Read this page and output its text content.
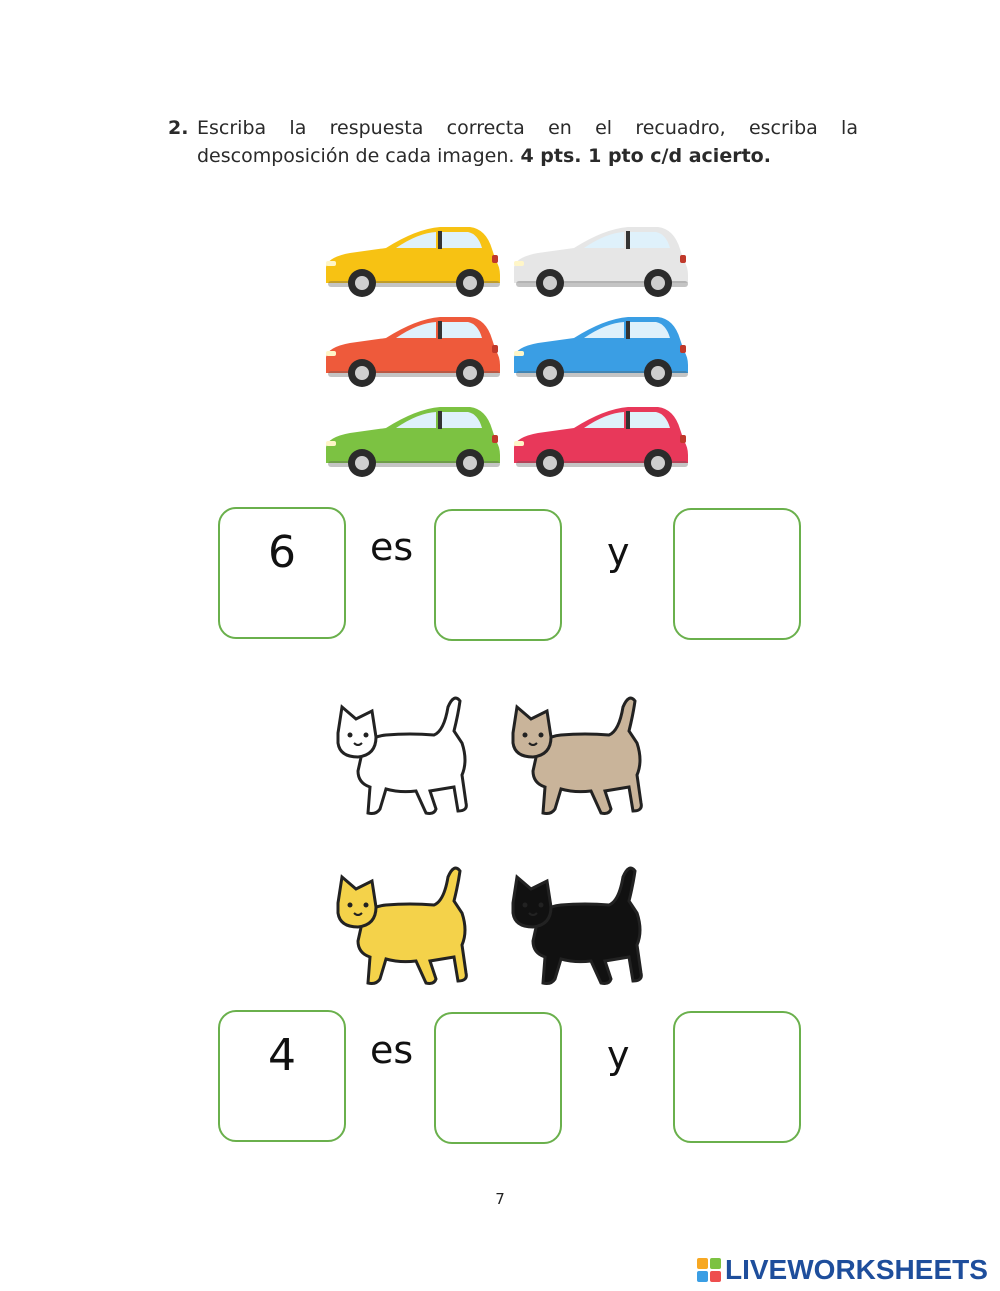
2. Escriba la respuesta correcta en el recuadro, escriba la
descomposición de cada imagen. 4 pts. 1 pto c/d acierto.
6	es	y
4	es	y
7
LIVEWORKSHEETS
